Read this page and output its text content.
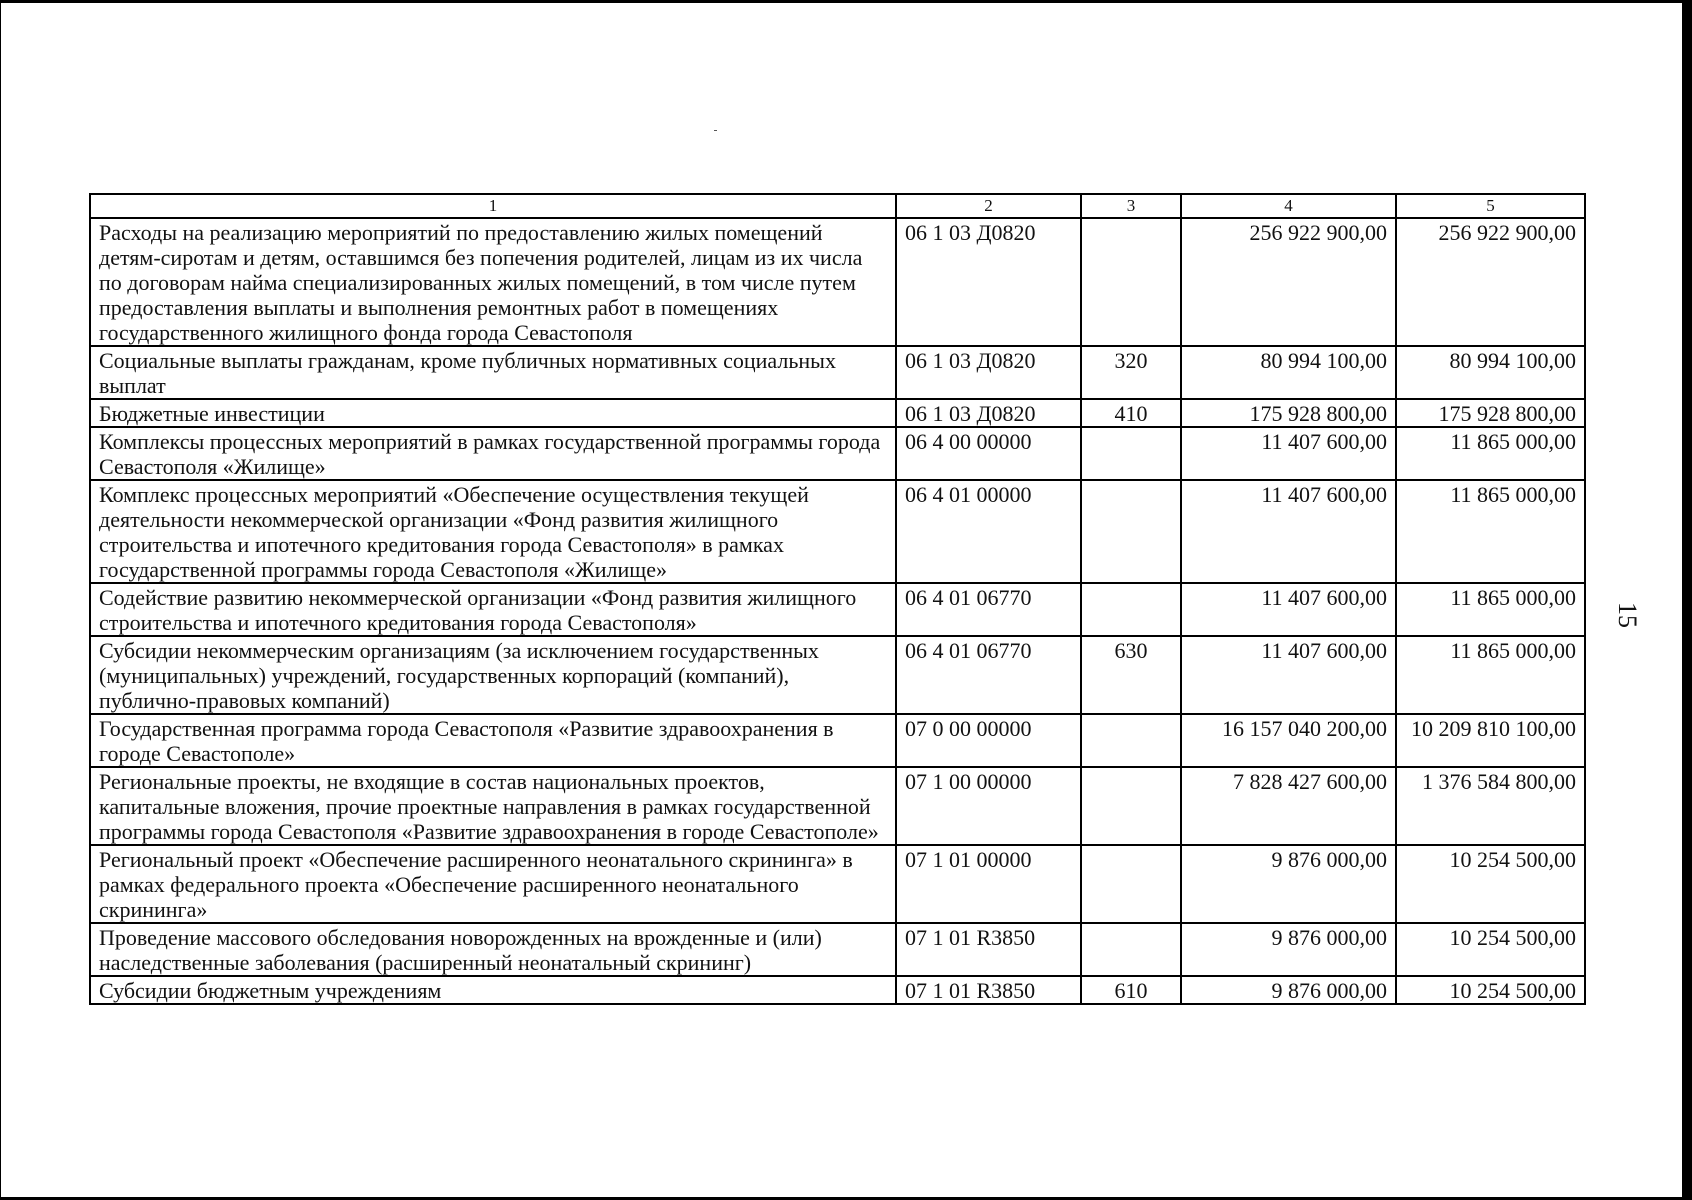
15
1	2	3	4	5
Расходы на реализацию мероприятий по предоставлению жилых помещений детям-сиротам и детям, оставшимся без попечения родителей, лицам из их числа по договорам найма специализированных жилых помещений, в том числе путем предоставления выплаты и выполнения ремонтных работ в помещениях государственного жилищного фонда города Севастополя	06 1 03 Д0820		256 922 900,00	256 922 900,00
Социальные выплаты гражданам, кроме публичных нормативных социальных выплат	06 1 03 Д0820	320	80 994 100,00	80 994 100,00
Бюджетные инвестиции	06 1 03 Д0820	410	175 928 800,00	175 928 800,00
Комплексы процессных мероприятий в рамках государственной программы города Севастополя «Жилище»	06 4 00 00000		11 407 600,00	11 865 000,00
Комплекс процессных мероприятий «Обеспечение осуществления текущей деятельности некоммерческой организации «Фонд развития жилищного строительства и ипотечного кредитования города Севастополя» в рамках государственной программы города Севастополя «Жилище»	06 4 01 00000		11 407 600,00	11 865 000,00
Содействие развитию некоммерческой организации «Фонд развития жилищного строительства и ипотечного кредитования города Севастополя»	06 4 01 06770		11 407 600,00	11 865 000,00
Субсидии некоммерческим организациям (за исключением государственных (муниципальных) учреждений, государственных корпораций (компаний), публично-правовых компаний)	06 4 01 06770	630	11 407 600,00	11 865 000,00
Государственная программа города Севастополя «Развитие здравоохранения в городе Севастополе»	07 0 00 00000		16 157 040 200,00	10 209 810 100,00
Региональные проекты, не входящие в состав национальных проектов, капитальные вложения, прочие проектные направления в рамках государственной программы города Севастополя «Развитие здравоохранения в городе Севастополе»	07 1 00 00000		7 828 427 600,00	1 376 584 800,00
Региональный проект «Обеспечение расширенного неонатального скрининга» в рамках федерального проекта «Обеспечение расширенного неонатального скрининга»	07 1 01 00000		9 876 000,00	10 254 500,00
Проведение массового обследования новорожденных на врожденные и (или) наследственные заболевания (расширенный неонатальный скрининг)	07 1 01 R3850		9 876 000,00	10 254 500,00
Субсидии бюджетным учреждениям	07 1 01 R3850	610	9 876 000,00	10 254 500,00
